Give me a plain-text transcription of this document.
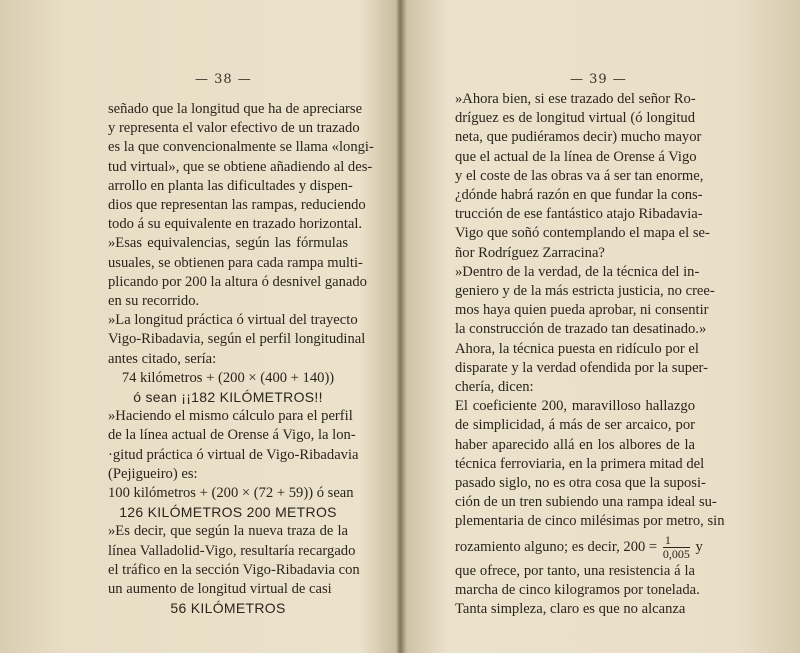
— 38 —
señado que la longitud que ha de apreciarse
y representa el valor efectivo de un trazado
es la que convencionalmente se llama «longi-
tud virtual», que se obtiene añadiendo al des-
arrollo en planta las dificultades y dispen-
dios que representan las rampas, reduciendo
todo á su equivalente en trazado horizontal.
»Esas equivalencias, según las fórmulas
usuales, se obtienen para cada rampa multi-
plicando por 200 la altura ó desnivel ganado
en su recorrido.
»La longitud práctica ó virtual del trayecto
Vigo-Ribadavia, según el perfil longitudinal
antes citado, sería:
74 kilómetros + (200 × (400 + 140))
ó sean ¡¡182 KILÓMETROS!!
»Haciendo el mismo cálculo para el perfil
de la línea actual de Orense á Vigo, la lon-
·gitud práctica ó virtual de Vigo-Ribadavia
(Pejigueiro) es:
100 kilómetros + (200 × (72 + 59)) ó sean
126 KILÓMETROS 200 METROS
»Es decir, que según la nueva traza de la
línea Valladolid-Vigo, resultaría recargado
el tráfico en la sección Vigo-Ribadavia con
un aumento de longitud virtual de casi
56 KILÓMETROS
— 39 —
»Ahora bien, si ese trazado del señor Ro-
dríguez es de longitud virtual (ó longitud
neta, que pudiéramos decir) mucho mayor
que el actual de la línea de Orense á Vigo
y el coste de las obras va á ser tan enorme,
¿dónde habrá razón en que fundar la cons-
trucción de ese fantástico atajo Ribadavia-
Vigo que soñó contemplando el mapa el se-
ñor Rodríguez Zarracina?
»Dentro de la verdad, de la técnica del in-
geniero y de la más estricta justicia, no cree-
mos haya quien pueda aprobar, ni consentir
la construcción de trazado tan desatinado.»
Ahora, la técnica puesta en ridículo por el
disparate y la verdad ofendida por la super-
chería, dicen:
El coeficiente 200, maravilloso hallazgo
de simplicidad, á más de ser arcaico, por
haber aparecido allá en los albores de la
técnica ferroviaria, en la primera mitad del
pasado siglo, no es otra cosa que la suposi-
ción de un tren subiendo una rampa ideal su-
plementaria de cinco milésimas por metro, sin
rozamiento alguno; es decir, $200 = \frac{1}{0,005}$ y
que ofrece, por tanto, una resistencia á la
marcha de cinco kilogramos por tonelada.
Tanta simpleza, claro es que no alcanza
